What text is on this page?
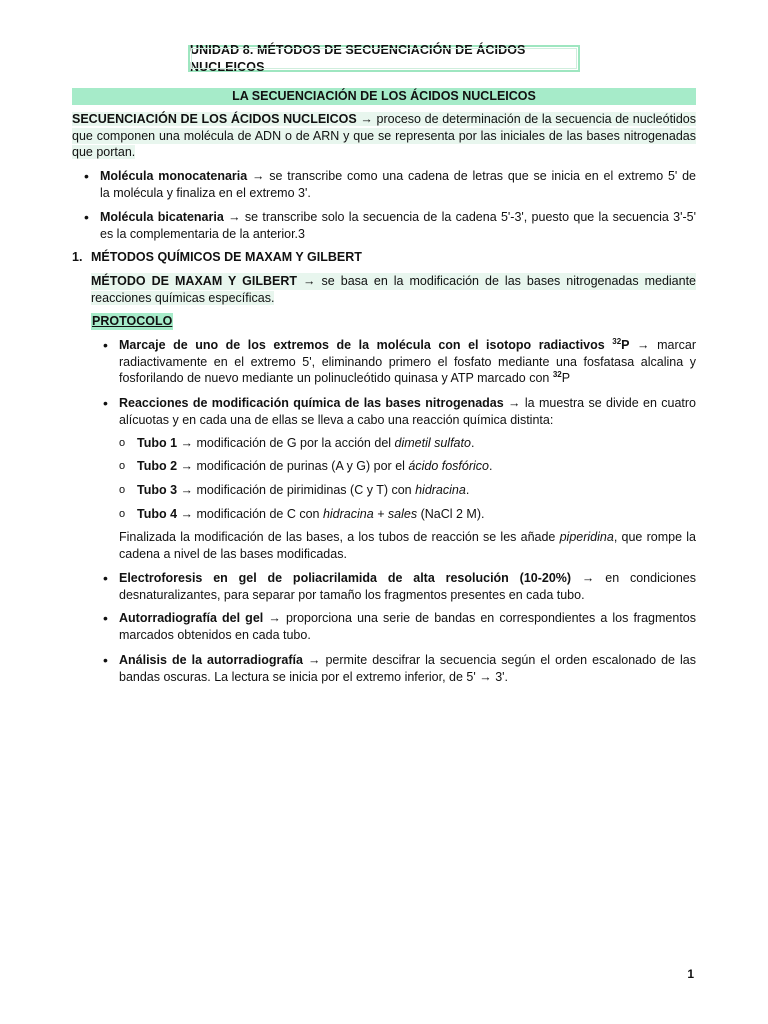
UNIDAD 8. MÉTODOS DE SECUENCIACIÓN DE ÁCIDOS NUCLEICOS
LA SECUENCIACIÓN DE LOS ÁCIDOS NUCLEICOS
SECUENCIACIÓN DE LOS ÁCIDOS NUCLEICOS → proceso de determinación de la secuencia de nucleótidos
que componen una molécula de ADN o de ARN y que se representa por las iniciales de las bases nitrogenadas
que portan.
• Molécula monocatenaria → se transcribe como una cadena de letras que se inicia en el extremo 5' de
la molécula y finaliza en el extremo 3'.
• Molécula bicatenaria → se transcribe solo la secuencia de la cadena 5'-3', puesto que la secuencia 3'-5'
es la complementaria de la anterior.3
1. MÉTODOS QUÍMICOS DE MAXAM Y GILBERT
MÉTODO DE MAXAM Y GILBERT → se basa en la modificación de las bases nitrogenadas mediante
reacciones químicas específicas.
PROTOCOLO
• Marcaje de uno de los extremos de la molécula con el isotopo radiactivos $^{32}$P → marcar
radiactivamente en el extremo 5', eliminando primero el fosfato mediante una fosfatasa alcalina y
fosforilando de nuevo mediante un polinucleótido quinasa y ATP marcado con $^{32}$P
• Reacciones de modificación química de las bases nitrogenadas → la muestra se divide en cuatro
alícuotas y en cada una de ellas se lleva a cabo una reacción química distinta:
o Tubo 1 → modificación de G por la acción del dimetil sulfato.
o Tubo 2 → modificación de purinas (A y G) por el ácido fosfórico.
o Tubo 3 → modificación de pirimidinas (C y T) con hidracina.
o Tubo 4 → modificación de C con hidracina + sales (NaCl 2 M).
Finalizada la modificación de las bases, a los tubos de reacción se les añade piperidina, que rompe la
cadena a nivel de las bases modificadas.
• Electroforesis en gel de poliacrilamida de alta resolución (10-20%) → en condiciones
desnaturalizantes, para separar por tamaño los fragmentos presentes en cada tubo.
• Autorradiografía del gel → proporciona una serie de bandas en correspondientes a los fragmentos
marcados obtenidos en cada tubo.
• Análisis de la autorradiografía → permite descifrar la secuencia según el orden escalonado de las
bandas oscuras. La lectura se inicia por el extremo inferior, de 5' → 3'.
1
